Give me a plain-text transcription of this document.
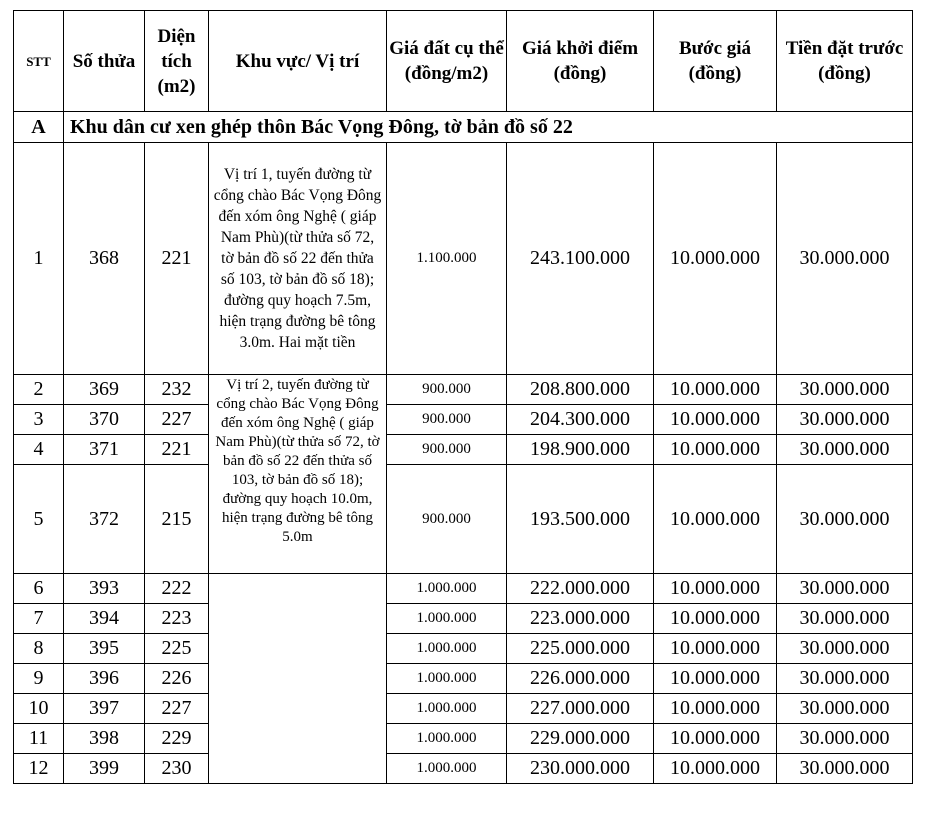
STT	Số thửa	Diện tích (m2)	Khu vực/ Vị trí	Giá đất cụ thể (đồng/m2)	Giá khởi điểm (đồng)	Bước giá (đồng)	Tiền đặt trước (đồng)
A	Khu dân cư xen ghép thôn Bác Vọng Đông, tờ bản đồ số 22						
1	368	221	Vị trí 1, tuyến đường từ cổng chào Bác Vọng Đông đến xóm ông Nghệ ( giáp Nam Phù)(từ thửa số 72, tờ bản đồ số 22 đến thửa số 103, tờ bản đồ số 18); đường quy hoạch 7.5m, hiện trạng đường bê tông 3.0m. Hai mặt tiền	1.100.000	243.100.000	10.000.000	30.000.000
2	369	232	Vị trí 2, tuyến đường từ cổng chào Bác Vọng Đông đến xóm ông Nghệ ( giáp Nam Phù)(từ thửa số 72, tờ bản đồ số 22 đến thửa số 103, tờ bản đồ số 18); đường quy hoạch 10.0m, hiện trạng đường bê tông 5.0m	900.000	208.800.000	10.000.000	30.000.000
3	370	227		900.000	204.300.000	10.000.000	30.000.000
4	371	221		900.000	198.900.000	10.000.000	30.000.000
5	372	215		900.000	193.500.000	10.000.000	30.000.000
6	393	222		1.000.000	222.000.000	10.000.000	30.000.000
7	394	223		1.000.000	223.000.000	10.000.000	30.000.000
8	395	225		1.000.000	225.000.000	10.000.000	30.000.000
9	396	226		1.000.000	226.000.000	10.000.000	30.000.000
10	397	227		1.000.000	227.000.000	10.000.000	30.000.000
11	398	229		1.000.000	229.000.000	10.000.000	30.000.000
12	399	230		1.000.000	230.000.000	10.000.000	30.000.000
